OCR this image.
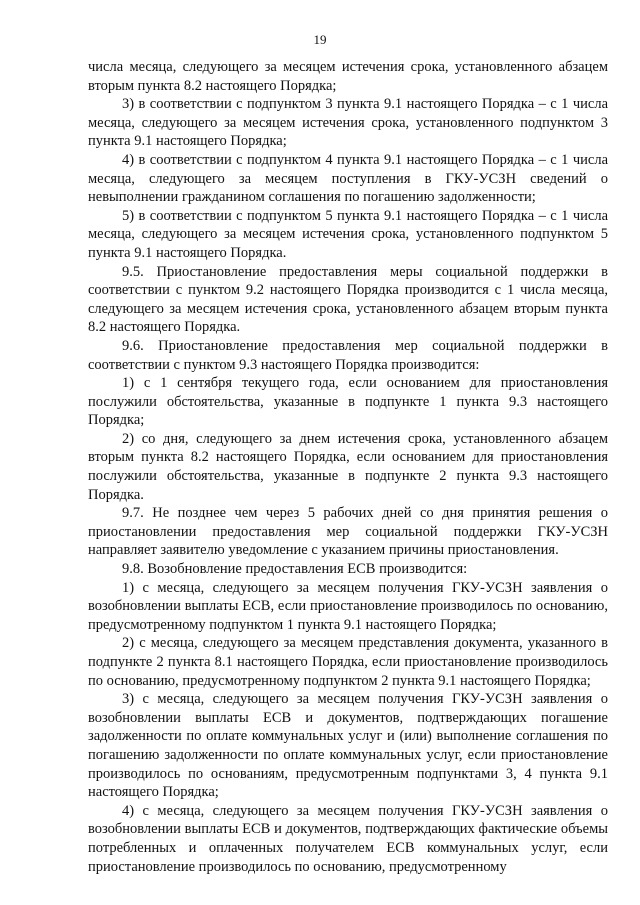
19

числа месяца, следующего за месяцем истечения срока, установленного абзацем вторым пункта 8.2 настоящего Порядка;

3) в соответствии с подпунктом 3 пункта 9.1 настоящего Порядка – с 1 числа месяца, следующего за месяцем истечения срока, установленного подпунктом 3 пункта 9.1 настоящего Порядка;

4) в соответствии с подпунктом 4 пункта 9.1 настоящего Порядка – с 1 числа месяца, следующего за месяцем поступления в ГКУ-УСЗН сведений о невыполнении гражданином соглашения по погашению задолженности;

5) в соответствии с подпунктом 5 пункта 9.1 настоящего Порядка – с 1 числа месяца, следующего за месяцем истечения срока, установленного подпунктом 5 пункта 9.1 настоящего Порядка.

9.5. Приостановление предоставления меры социальной поддержки в соответствии с пунктом 9.2 настоящего Порядка производится с 1 числа месяца, следующего за месяцем истечения срока, установленного абзацем вторым пункта 8.2 настоящего Порядка.

9.6. Приостановление предоставления мер социальной поддержки в соответствии с пунктом 9.3 настоящего Порядка производится:

1) с 1 сентября текущего года, если основанием для приостановления послужили обстоятельства, указанные в подпункте 1 пункта 9.3 настоящего Порядка;

2) со дня, следующего за днем истечения срока, установленного абзацем вторым пункта 8.2 настоящего Порядка, если основанием для приостановления послужили обстоятельства, указанные в подпункте 2 пункта 9.3 настоящего Порядка.

9.7. Не позднее чем через 5 рабочих дней со дня принятия решения о приостановлении предоставления мер социальной поддержки ГКУ-УСЗН направляет заявителю уведомление с указанием причины приостановления.

9.8. Возобновление предоставления ЕСВ производится:

1) с месяца, следующего за месяцем получения ГКУ-УСЗН заявления о возобновлении выплаты ЕСВ, если приостановление производилось по основанию, предусмотренному подпунктом 1 пункта 9.1 настоящего Порядка;

2) с месяца, следующего за месяцем представления документа, указанного в подпункте 2 пункта 8.1 настоящего Порядка, если приостановление производилось по основанию, предусмотренному подпунктом 2 пункта 9.1 настоящего Порядка;

3) с месяца, следующего за месяцем получения ГКУ-УСЗН заявления о возобновлении выплаты ЕСВ и документов, подтверждающих погашение задолженности по оплате коммунальных услуг и (или) выполнение соглашения по погашению задолженности по оплате коммунальных услуг, если приостановление производилось по основаниям, предусмотренным подпунктами 3, 4 пункта 9.1 настоящего Порядка;

4) с месяца, следующего за месяцем получения ГКУ-УСЗН заявления о возобновлении выплаты ЕСВ и документов, подтверждающих фактические объемы потребленных и оплаченных получателем ЕСВ коммунальных услуг, если приостановление производилось по основанию, предусмотренному
